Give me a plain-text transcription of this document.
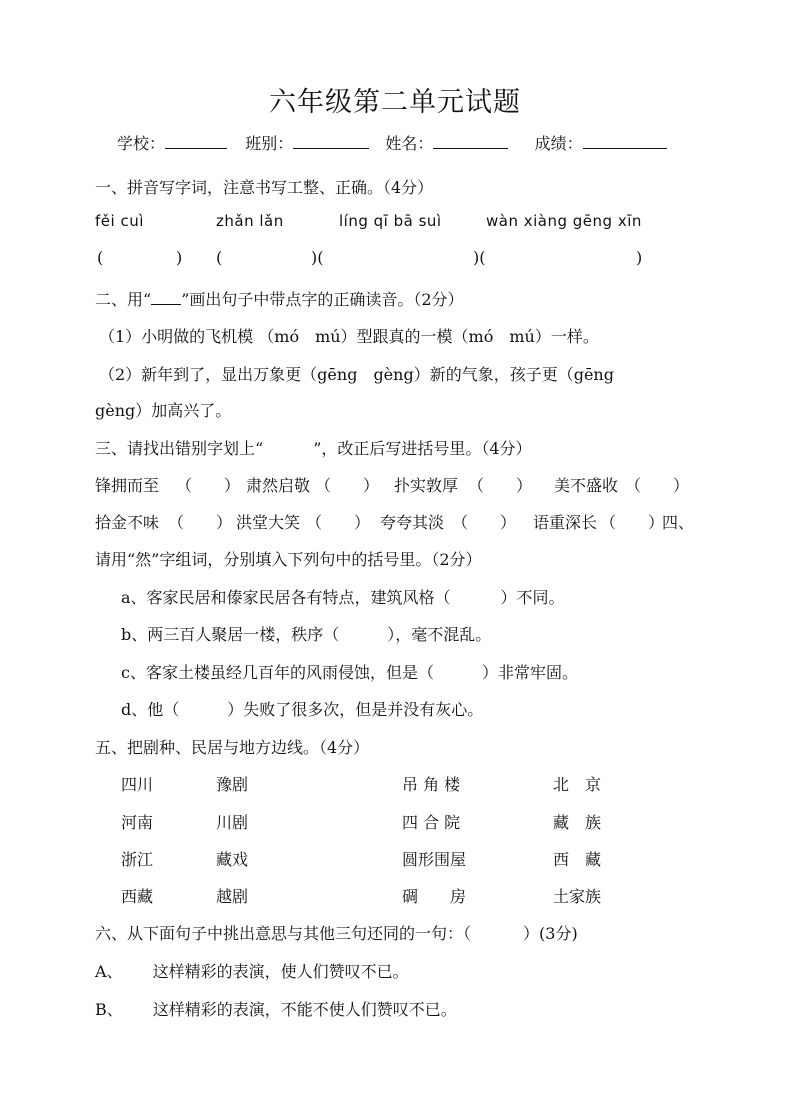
六年级第二单元试题
学校：	班别：	姓名：	成绩：
一、拼音写字词，注意书写工整、正确。（4分）
fěi cuì	zhǎn lǎn	líng qī bā suì	wàn xiàng gēng xīn
(	) (	)(	)(	)
二、用“ ”画出句子中带点字的正确读音。（2分）
（1）小明做的飞机模 （mó　mú）型跟真的一模（mó　mú）一样。
（2）新年到了，显出万象更（gēng　gèng）新的气象，孩子更（gēng
gèng）加高兴了。
三、请找出错别字划上“	”，改正后写进括号里。（4分）
锋拥而至 （　　） 肃然启敬 （　　） 扑实敦厚 （　　） 美不盛收 （　　）
拾金不味 （　　） 洪堂大笑 （　　） 夸夸其淡 （　　） 语重深长 （　　）
四、
请用“然”字组词，分别填入下列句中的括号里。（2分）
a、客家民居和傣家民居各有特点，建筑风格（	）不同。
b、两三百人聚居一楼，秩序（	），毫不混乱。
c、客家土楼虽经几百年的风雨侵蚀，但是（	）非常牢固。
d、他（	）失败了很多次，但是并没有灰心。
五、把剧种、民居与地方边线。（4分）
四川	豫剧	吊 角 楼	北　京
河南	川剧	四 合 院	藏　族
浙江	藏戏	圆形围屋	西　藏
西藏	越剧	碉　　房	土家族
六、从下面句子中挑出意思与其他三句还同的一句：（	）(3分)
A、 这样精彩的表演，使人们赞叹不已。
B、 这样精彩的表演，不能不使人们赞叹不已。
